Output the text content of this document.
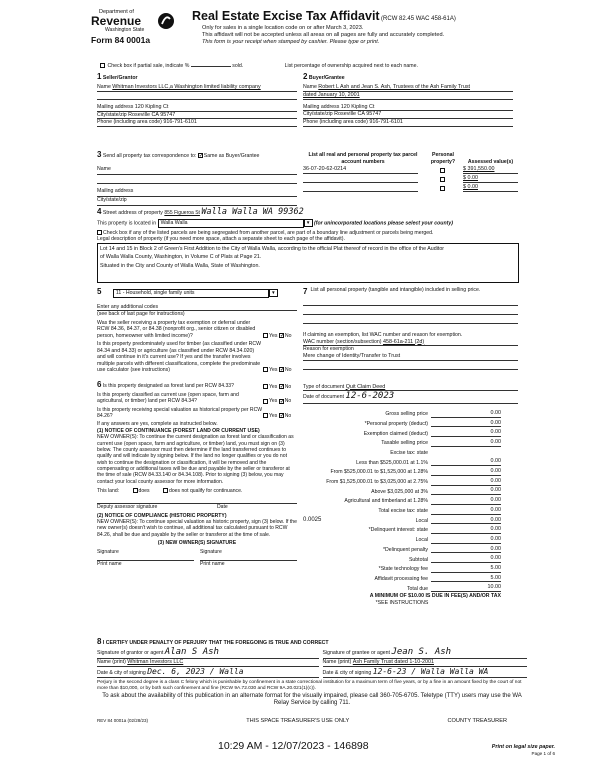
Department of
Revenue
Washington State
Form 84 0001a
Real Estate Excise Tax Affidavit (RCW 82.45 WAC 458-61A)
Only for sales in a single location code on or after March 3, 2023.
This affidavit will not be accepted unless all areas on all pages are fully and accurately completed.
This form is your receipt when stamped by cashier. Please type or print.
Check box if partial sale, indicate %	sold.	List percentage of ownership acquired next to each name.
1 Seller/Grantor
Name Whitman Investors LLC,a Washington limited liability company
Mailing address 120 Kipling Ct
City/state/zip Roseville CA 95747
Phone (including area code) 916-791-6101
2 Buyer/Grantee
Name Robert L Ash and Jean S. Ash, Trustees of the Ash Family Trust
dated January 10, 2001
Mailing address 120 Kipling Ct
City/state/zip Roseville CA 95747
Phone (including area code) 916-791-6101
3 Send all property tax correspondence to: ✓ Same as Buyer/Grantee
Name
Mailing address
City/state/zip
List all real and personal property tax parcel account numbers
Personal property?	Assessed value(s)
36-07-20-62-0214	$ 391,550.00
$ 0.00
$ 0.00
4 Street address of property 855 Figueroa St Walla Walla WA 99362
This property is located in Walla Walla	▼ (for unincorporated locations please select your county)
Check box if any of the listed parcels are being segregated from another parcel, are part of a boundary line adjustment or parcels being merged.
Legal description of property (if you need more space, attach a separate sheet to each page of the affidavit).
Lot 14 and 15 in Block 2 of Green's First Addition to the City of Walla Walla, according to the official Plat thereof of record in the office of the Auditor
of Walla Walla County, Washington, in Volume C of Plats at Page 21.
Situated in the City and County of Walla Walla, State of Washington.
5	11 - Household, single family units	▼
Enter any additional codes
(see back of last page for instructions)
Was the seller receiving a property tax exemption or deferral under RCW 84.36, 84.37, or 84.38 (nonprofit org., senior citizen or disabled person, homeowner with limited income)?	Yes ✓ No
Is this property predominately used for timber (as classified under RCW 84.34 and 84.33) or agriculture (as classified under RCW 84.34.020) and will continue in it's current use? If yes and the transfer involves multiple parcels with different classifications, complete the predominate use calculator (see instructions)	Yes ✓ No
6 Is this property designated as forest land per RCW 84.33?	Yes ✓ No
Is this property classified as current use (open space, farm and agricultural, or timber) land per RCW 84.34?	Yes ✓ No
Is this property receiving special valuation as historical property per RCW 84.26?	Yes ✓ No
If any answers are yes, complete as instructed below.
(1) NOTICE OF CONTINUANCE (FOREST LAND OR CURRENT USE)
NEW OWNER(S): To continue the current designation as forest land or classification as current use (open space, farm and agriculture, or timber) land, you must sign on (3) below. The county assessor must then determine if the land transferred continues to qualify and will indicate by signing below. If the land no longer qualifies or you do not wish to continue the designation or classification, it will be removed and the compensating or additional taxes will be due and payable by the seller or transferor at the time of sale (RCW 84.33.140 or 84.34.108). Prior to signing (3) below, you may contact your local county assessor for more information.
This land:	does	does not qualify for continuance.
Deputy assessor signature	Date
(2) NOTICE OF COMPLIANCE (HISTORIC PROPERTY)
NEW OWNER(S): To continue special valuation as historic property, sign (3) below. If the new owner(s) doesn't wish to continue, all additional tax calculated pursuant to RCW 84.26, shall be due and payable by the seller or transferor at the time of sale.
(3) NEW OWNER(S) SIGNATURE
Signature
Print name
Signature
Print name
7 List all personal property (tangible and intangible) included in selling price.
If claiming an exemption, list WAC number and reason for exemption.
WAC number (section/subsection) 458-61a-211 (2d)
Reason for exemption
Mere change of Identity/Transfer to Trust
Type of document Quit Claim Deed
Date of document 12-6-2023
Gross selling price	0.00
*Personal property (deduct)	0.00
Exemption claimed (deduct)	0.00
Taxable selling price	0.00
Excise tax: state
Less than $525,000.01 at 1.1%	0.00
From $525,000.01 to $1,525,000 at 1.28%	0.00
From $1,525,000.01 to $3,025,000 at 2.75%	0.00
Above $3,025,000 at 3%	0.00
Agricultural and timberland at 1.28%	0.00
Total excise tax: state	0.00
0.0025	Local	0.00
*Delinquent interest: state	0.00
Local	0.00
*Delinquent penalty	0.00
Subtotal	0.00
*State technology fee	5.00
Affidavit processing fee	5.00
Total due	10.00
A MINIMUM OF $10.00 IS DUE IN FEE(S) AND/OR TAX
*SEE INSTRUCTIONS
8 I CERTIFY UNDER PENALTY OF PERJURY THAT THE FOREGOING IS TRUE AND CORRECT
Signature of grantor or agent Alan S Ash
Name (print) Whitman Investors LLC
Date & city of signing Dec. 6, 2023 / Walla
Signature of grantee or agent Jean S. Ash
Name (print) Ash Family Trust dated 1-10-2001
Date & city of signing 12-6-23 / Walla Walla WA
Perjury in the second degree is a class C felony which is punishable by confinement in a state correctional institution for a maximum term of five years, or by a fine in an amount fixed by the court of not more than $10,000, or by both such confinement and fine (RCW 9A.72.030 and RCW 9A.20.021(1)(c)).
To ask about the availability of this publication in an alternate format for the visually impaired, please call 360-705-6705. Teletype (TTY) users may use the WA Relay Service by calling 711.
REV 84 0001a (02/28/23)	THIS SPACE TREASURER'S USE ONLY	COUNTY TREASURER
10:29 AM - 12/07/2023 - 146898	Print on legal size paper.
Page 1 of 6
